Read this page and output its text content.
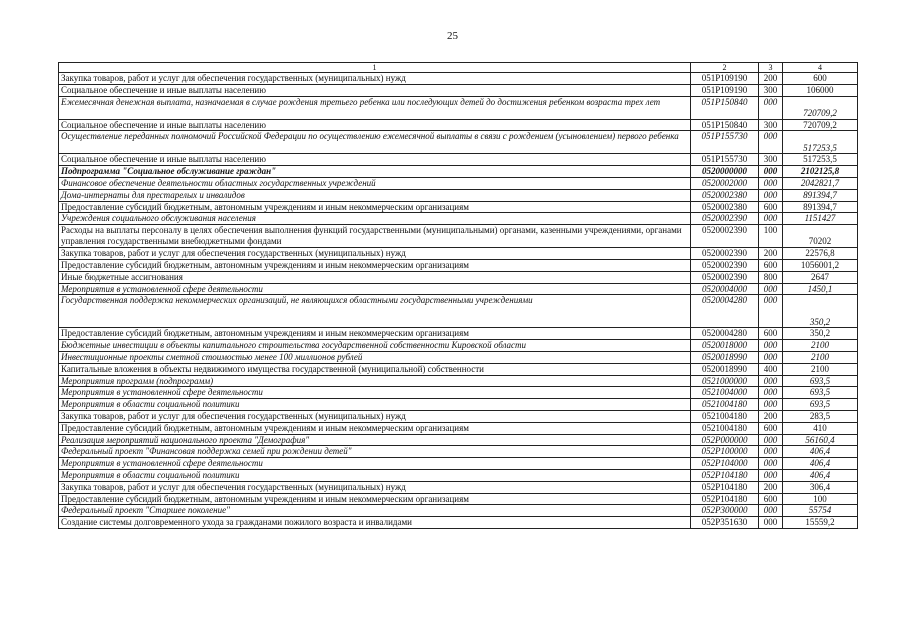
25
1	2	3	4
Закупка товаров, работ и услуг для обеспечения государственных (муниципальных) нужд	051P109190	200	600
Социальное обеспечение и иные выплаты населению	051P109190	300	106000
Ежемесячная денежная выплата, назначаемая в случае рождения третьего ребенка или последующих детей до достижения ребенком возраста трех лет	051P150840	000	720709,2
Социальное обеспечение и иные выплаты населению	051P150840	300	720709,2
Осуществление переданных полномочий Российской Федерации по осуществлению ежемесячной выплаты в связи с рождением (усыновлением) первого ребенка	051P155730	000	517253,5
Социальное обеспечение и иные выплаты населению	051P155730	300	517253,5
Подпрограмма "Социальное обслуживание граждан"	0520000000	000	2102125,8
Финансовое обеспечение деятельности областных государственных учреждений	0520002000	000	2042821,7
Дома-интернаты для престарелых и инвалидов	0520002380	000	891394,7
Предоставление субсидий бюджетным, автономным учреждениям и иным некоммерческим организациям	0520002380	600	891394,7
Учреждения социального обслуживания населения	0520002390	000	1151427
Расходы на выплаты персоналу в целях обеспечения выполнения функций государственными (муниципальными) органами, казенными учреждениями, органами управления государственными внебюджетными фондами	0520002390	100	70202
Закупка товаров, работ и услуг для обеспечения государственных (муниципальных) нужд	0520002390	200	22576,8
Предоставление субсидий бюджетным, автономным учреждениям и иным некоммерческим организациям	0520002390	600	1056001,2
Иные бюджетные ассигнования	0520002390	800	2647
Мероприятия в установленной сфере деятельности	0520004000	000	1450,1
Государственная поддержка некоммерческих организаций, не являющихся областными государственными учреждениями	0520004280	000	350,2
Предоставление субсидий бюджетным, автономным учреждениям и иным некоммерческим организациям	0520004280	600	350,2
Бюджетные инвестиции в объекты капитального строительства государственной собственности Кировской области	0520018000	000	2100
Инвестиционные проекты сметной стоимостью менее 100 миллионов рублей	0520018990	000	2100
Капитальные вложения в объекты недвижимого имущества государственной (муниципальной) собственности	0520018990	400	2100
Мероприятия программ (подпрограмм)	0521000000	000	693,5
Мероприятия в установленной сфере деятельности	0521004000	000	693,5
Мероприятия в области социальной политики	0521004180	000	693,5
Закупка товаров, работ и услуг для обеспечения государственных (муниципальных) нужд	0521004180	200	283,5
Предоставление субсидий бюджетным, автономным учреждениям и иным некоммерческим организациям	0521004180	600	410
Реализация мероприятий национального проекта "Демография"	052P000000	000	56160,4
Федеральный проект "Финансовая поддержка семей при рождении детей"	052P100000	000	406,4
Мероприятия в установленной сфере деятельности	052P104000	000	406,4
Мероприятия в области социальной политики	052P104180	000	406,4
Закупка товаров, работ и услуг для обеспечения государственных (муниципальных) нужд	052P104180	200	306,4
Предоставление субсидий бюджетным, автономным учреждениям и иным некоммерческим организациям	052P104180	600	100
Федеральный проект "Старшее поколение"	052P300000	000	55754
Создание системы долговременного ухода за гражданами пожилого возраста и инвалидами	052P351630	000	15559,2
